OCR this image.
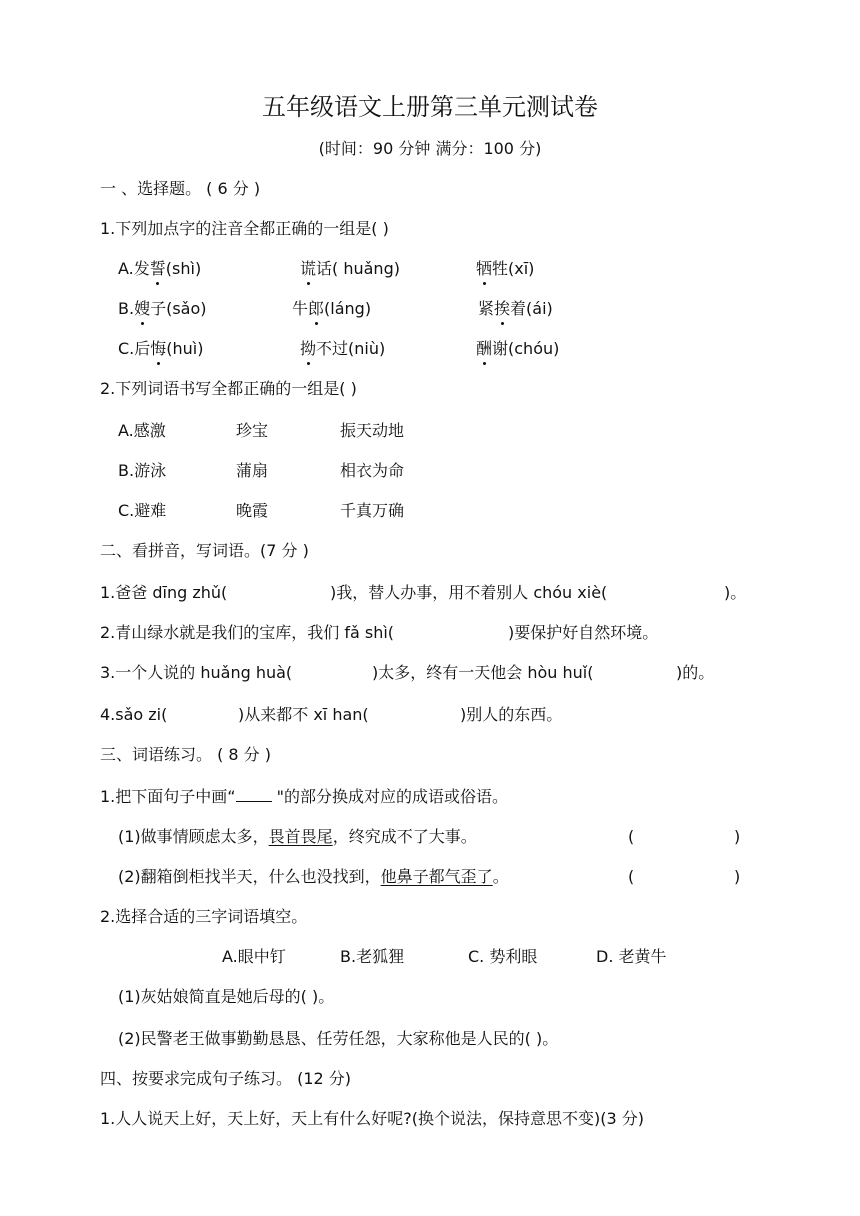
五年级语文上册第三单元测试卷
(时间：90 分钟 满分：100 分)
一 、选择题。 ( 6 分 )
1.下列加点字的注音全都正确的一组是( )
A.发誓(shì)	谎话( huǎng)	牺牲(xī)
B.嫂子(sǎo)	牛郎(láng)	紧挨着(ái)
C.后悔(huì)	拗不过(niù)	酬谢(chóu)
2.下列词语书写全都正确的一组是( )
A.感激	珍宝	振天动地
B.游泳	蒲扇	相衣为命
C.避难	晚霞	千真万确
二、看拼音，写词语。(7 分 )
1.爸爸 dīng zhǔ(	)我，替人办事，用不着别人 chóu xiè(	)。
2.青山绿水就是我们的宝库，我们 fǎ shì(	)要保护好自然环境。
3.一个人说的 huǎng huà(	)太多，终有一天他会 hòu huǐ(	)的。
4.sǎo zi(	)从来都不 xī han(	)别人的东西。
三、词语练习。 ( 8 分 )
1.把下面句子中画“ "的部分换成对应的成语或俗语。
(1)做事情顾虑太多，畏首畏尾，终究成不了大事。	(	)
(2)翻箱倒柜找半天，什么也没找到，他鼻子都气歪了。	(	)
2.选择合适的三字词语填空。
A.眼中钉	B.老狐狸	C. 势利眼	D. 老黄牛
(1)灰姑娘简直是她后母的( )。
(2)民警老王做事勤勤恳恳、任劳任怨，大家称他是人民的( )。
四、按要求完成句子练习。 (12 分)
1.人人说天上好，天上好，天上有什么好呢?(换个说法，保持意思不变)(3 分)
